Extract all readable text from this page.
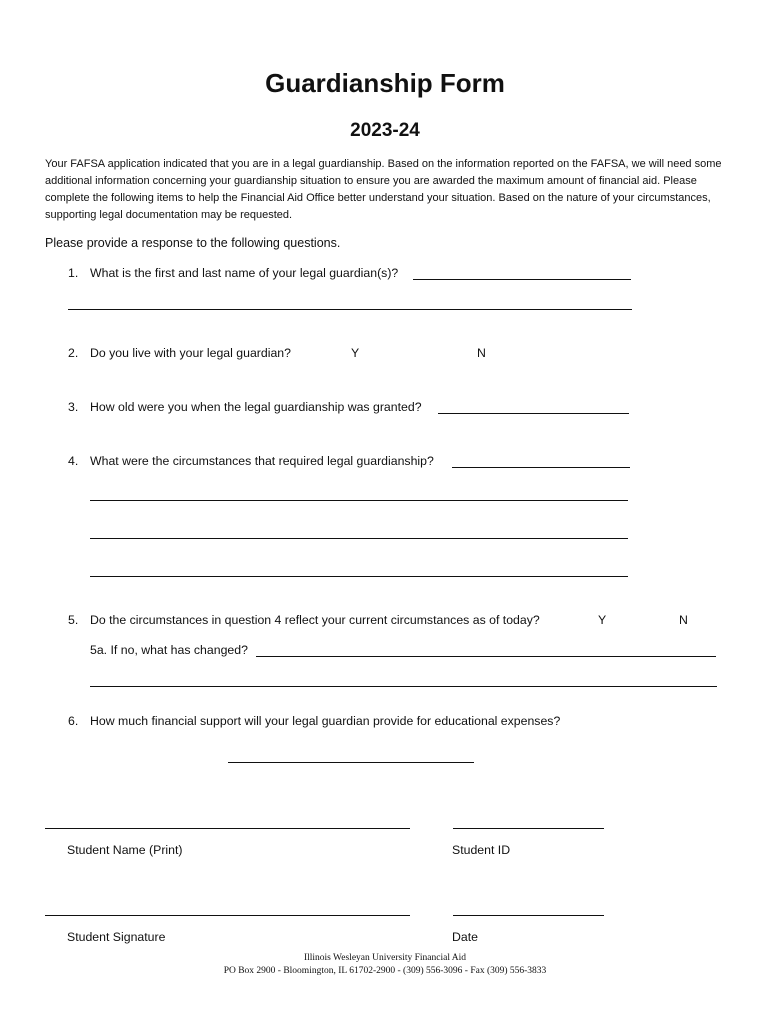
Guardianship Form
2023-24
Your FAFSA application indicated that you are in a legal guardianship. Based on the information reported on the FAFSA, we will need some additional information concerning your guardianship situation to ensure you are awarded the maximum amount of financial aid. Please complete the following items to help the Financial Aid Office better understand your situation. Based on the nature of your circumstances, supporting legal documentation may be requested.
Please provide a response to the following questions.
1. What is the first and last name of your legal guardian(s)?
2. Do you live with your legal guardian?	Y	N
3. How old were you when the legal guardianship was granted?
4. What were the circumstances that required legal guardianship?
5. Do the circumstances in question 4 reflect your current circumstances as of today?	Y	N
5a. If no, what has changed?
6. How much financial support will your legal guardian provide for educational expenses?
Student Name (Print)	Student ID
Student Signature	Date
Illinois Wesleyan University Financial Aid
PO Box 2900 - Bloomington, IL 61702-2900 - (309) 556-3096 - Fax (309) 556-3833
